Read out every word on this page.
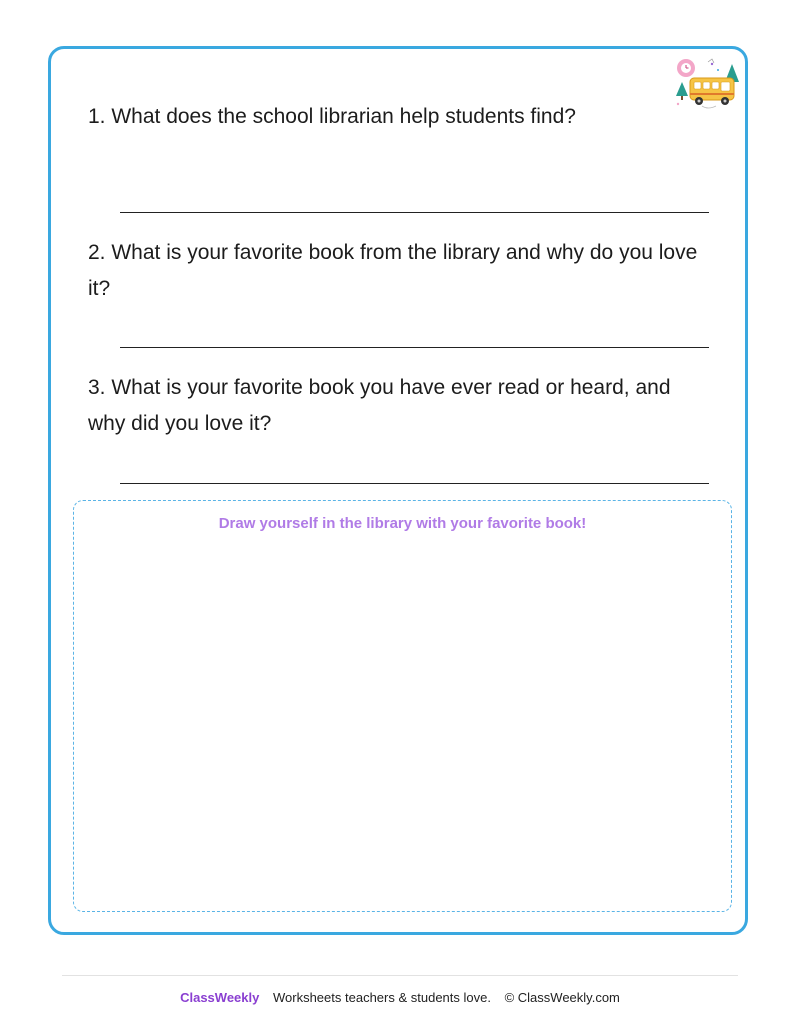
1. What does the school librarian help students find?

2. What is your favorite book from the library and why do you love it?

3. What is your favorite book you have ever read or heard, and why did you love it?

Draw yourself in the library with your favorite book!
ClassWeekly Worksheets teachers & students love. © ClassWeekly.com
